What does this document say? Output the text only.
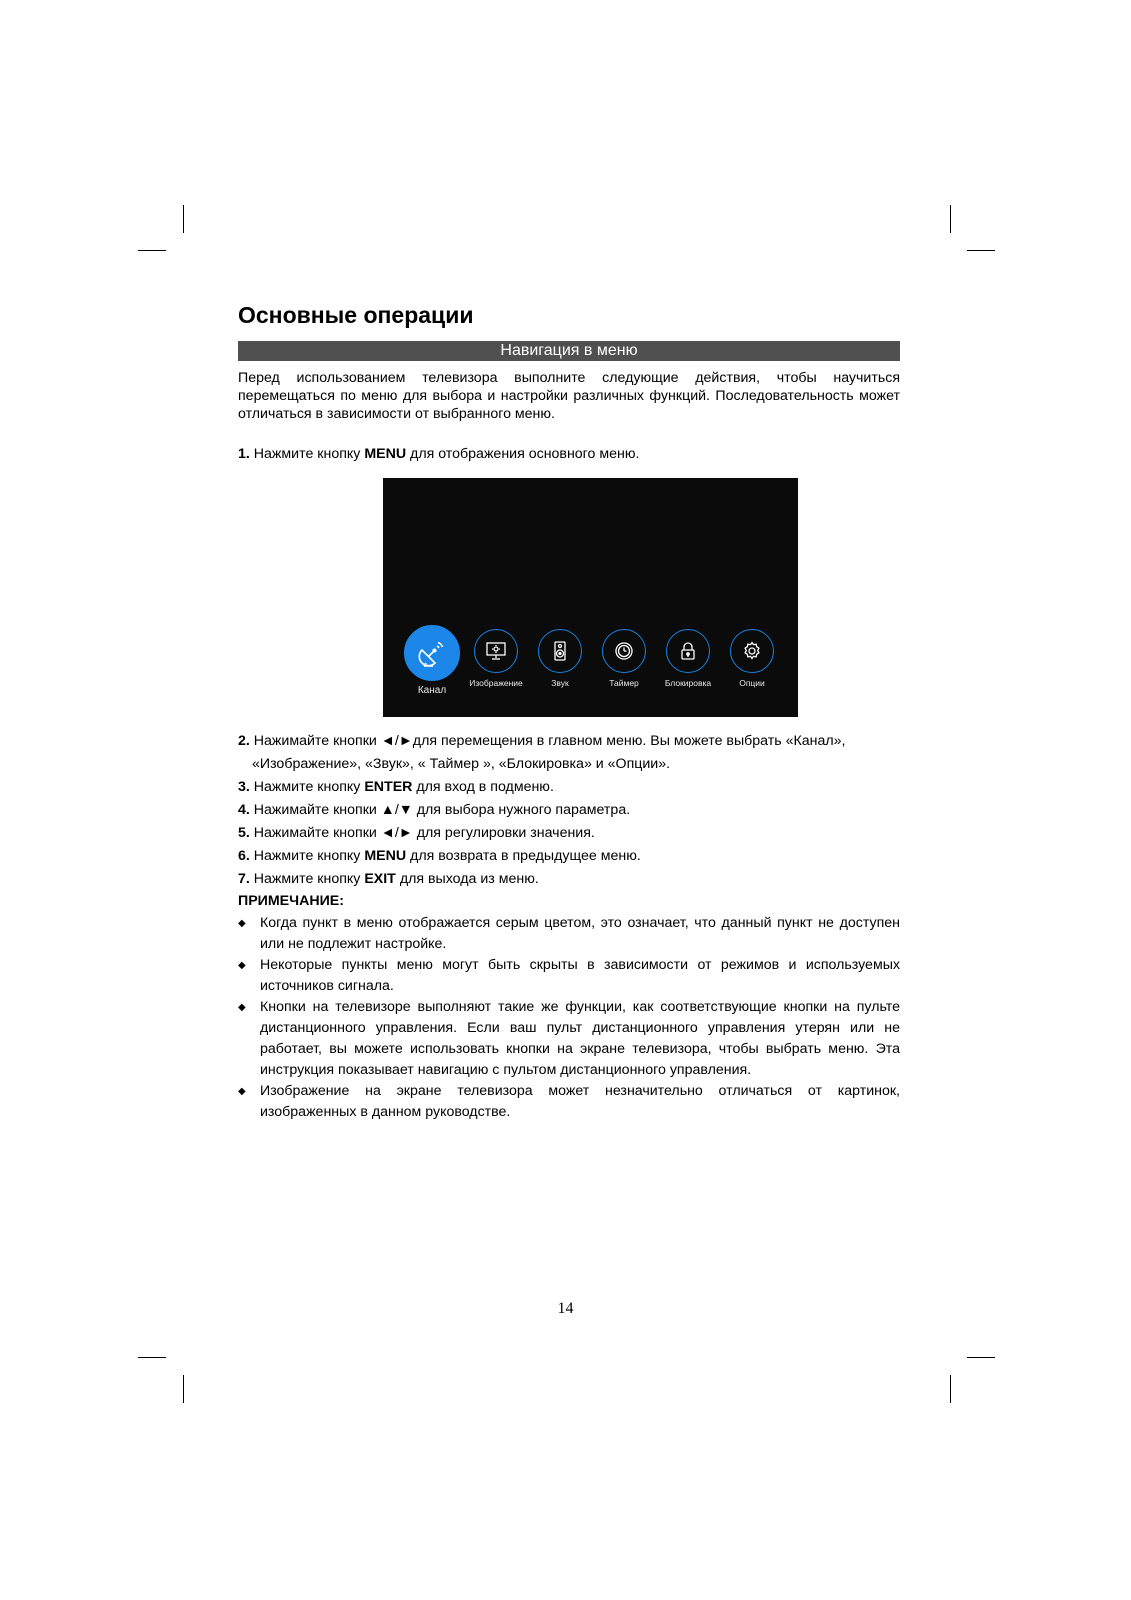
Основные операции
Навигация в меню
Перед использованием телевизора выполните следующие действия, чтобы научиться перемещаться по меню для выбора и настройки различных функций. Последовательность может отличаться в зависимости от выбранного меню.
1. Нажмите кнопку MENU для отображения основного меню.
Канал
Изображение	Звук	Таймер	Блокировка	Опции
2. Нажимайте кнопки ◄/►для перемещения в главном меню. Вы можете выбрать «Канал»,
«Изображение», «Звук», « Таймер », «Блокировка» и «Опции».
3. Нажмите кнопку ENTER для вход в подменю.
4. Нажимайте кнопки ▲/▼ для выбора нужного параметра.
5. Нажимайте кнопки ◄/► для регулировки значения.
6. Нажмите кнопку MENU для возврата в предыдущее меню.
7. Нажмите кнопку EXIT для выхода из меню.
ПРИМЕЧАНИЕ:
◆ Когда пункт в меню отображается серым цветом, это означает, что данный пункт не доступен или не подлежит настройке.
◆ Некоторые пункты меню могут быть скрыты в зависимости от режимов и используемых источников сигнала.
◆ Кнопки на телевизоре выполняют такие же функции, как соответствующие кнопки на пульте дистанционного управления. Если ваш пульт дистанционного управления утерян или не работает, вы можете использовать кнопки на экране телевизора, чтобы выбрать меню. Эта инструкция показывает навигацию с пультом дистанционного управления.
◆ Изображение на экране телевизора может незначительно отличаться от картинок, изображенных в данном руководстве.
14
